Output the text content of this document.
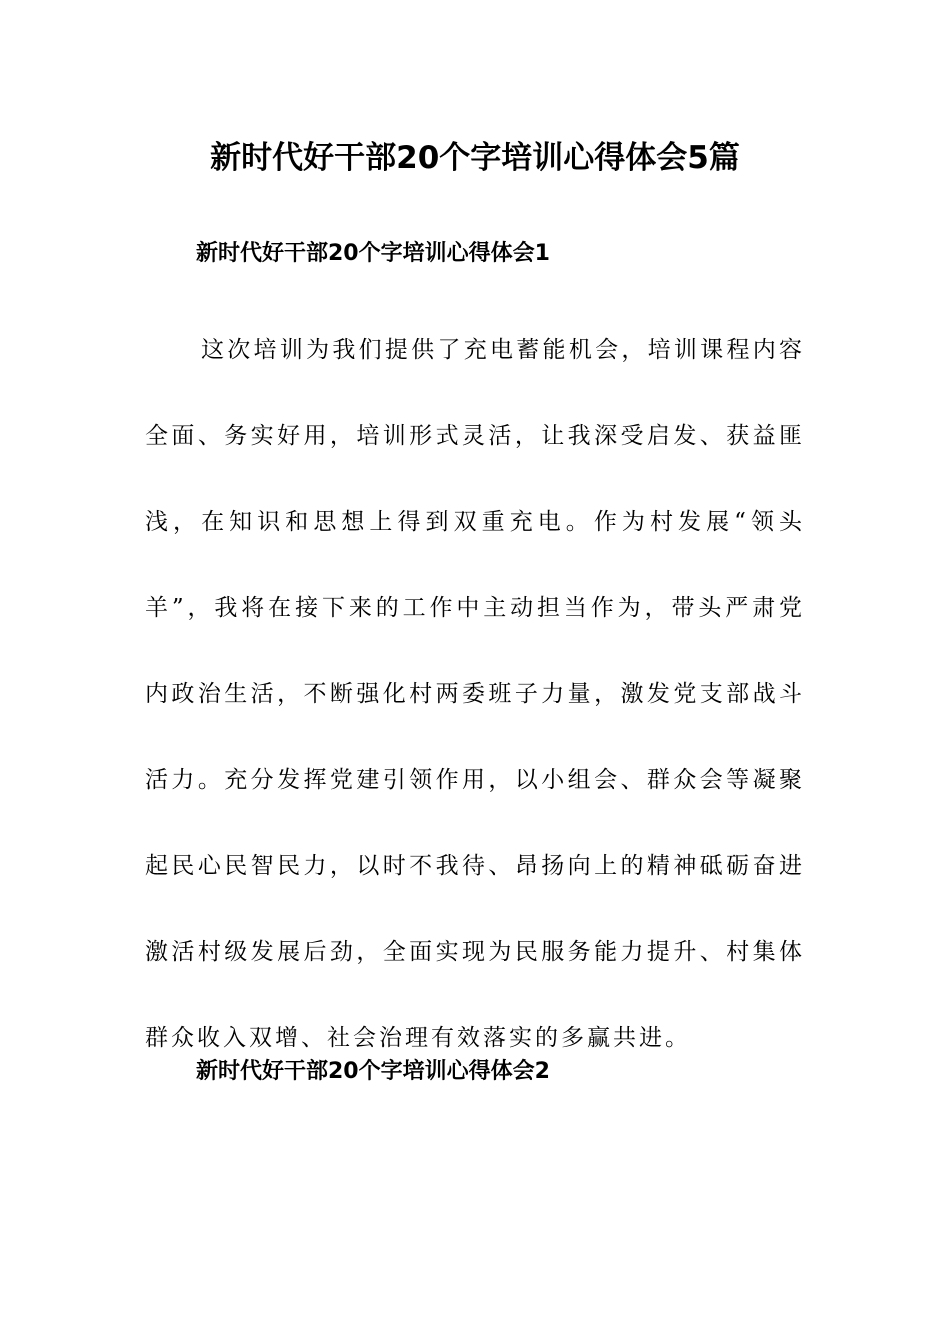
新时代好干部20个字培训心得体会5篇
新时代好干部20个字培训心得体会1

这次培训为我们提供了充电蓄能机会，培训课程内容全面、务实好用，培训形式灵活，让我深受启发、获益匪浅，在知识和思想上得到双重充电。作为村发展“领头羊”，我将在接下来的工作中主动担当作为，带头严肃党内政治生活，不断强化村两委班子力量，激发党支部战斗活力。充分发挥党建引领作用，以小组会、群众会等凝聚起民心民智民力，以时不我待、昂扬向上的精神砥砺奋进激活村级发展后劲，全面实现为民服务能力提升、村集体群众收入双增、社会治理有效落实的多赢共进。

新时代好干部20个字培训心得体会2
